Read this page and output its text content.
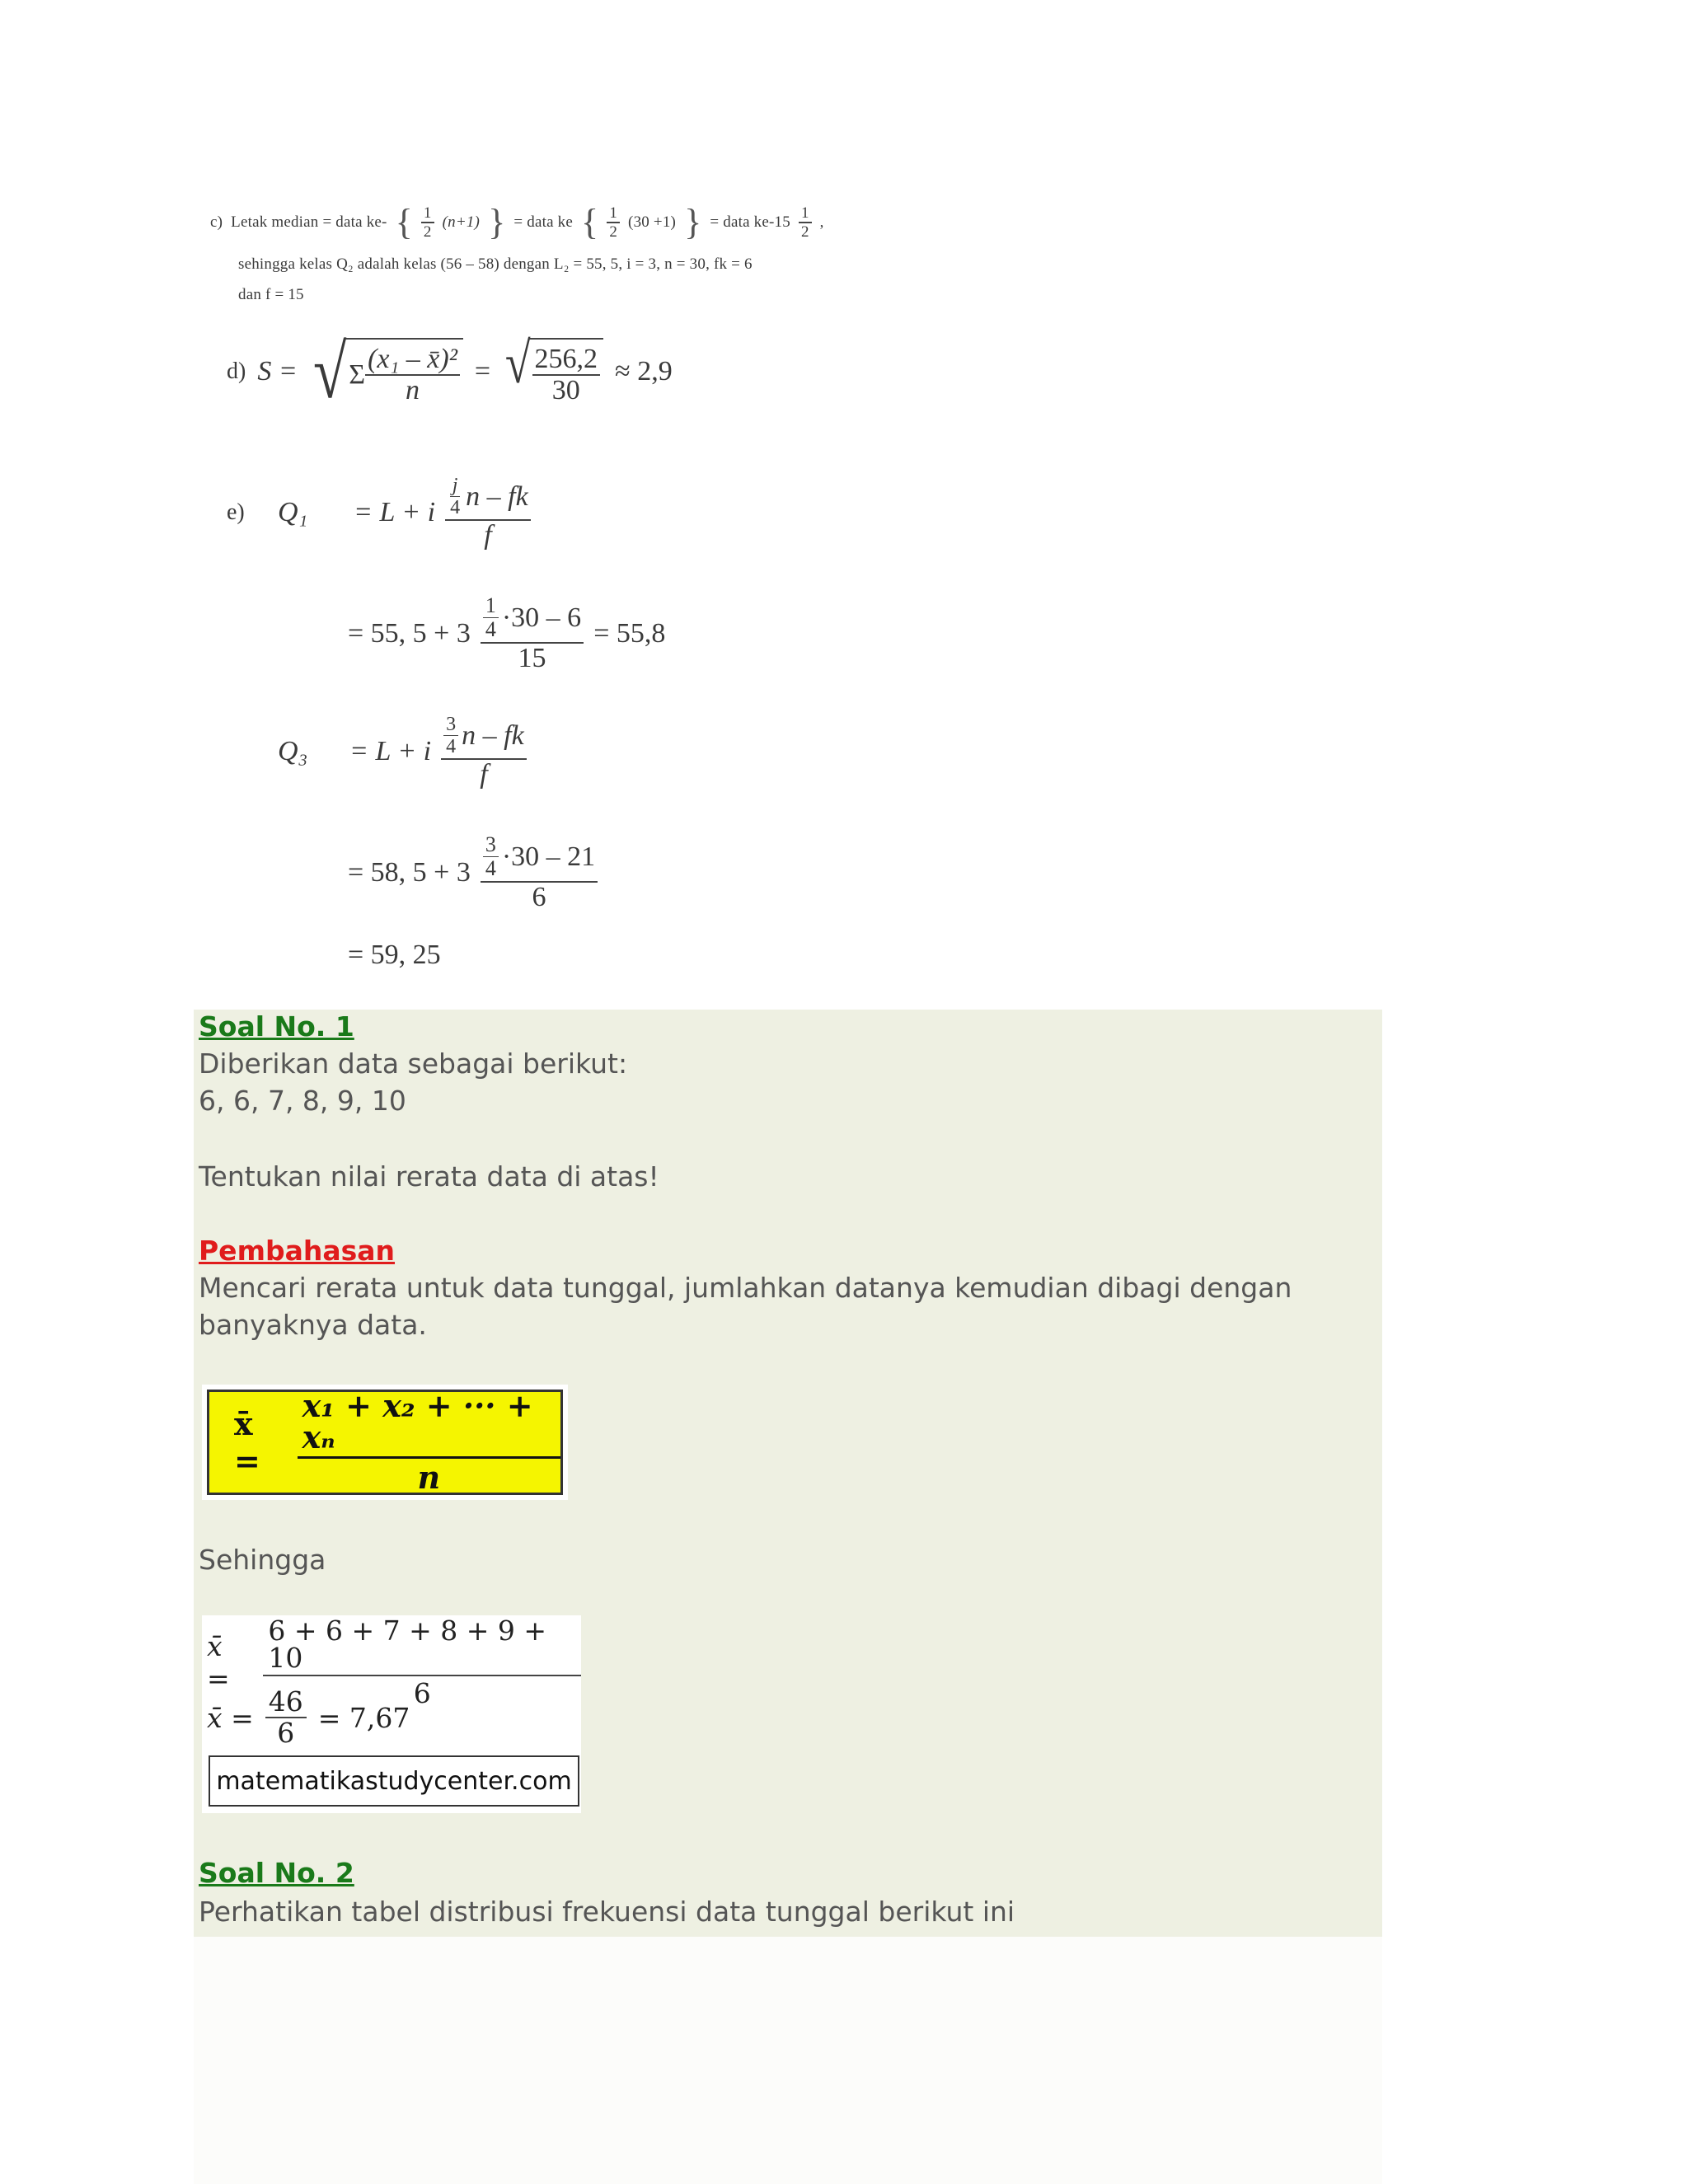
c) Letak median = data ke- { 1
2
(n+1) } = data ke { 1
2
(30 +1) } = data ke-15
1
2
,
sehingga kelas Q₂ adalah kelas (56 – 58) dengan L₂ = 55, 5, i = 3, n = 30, fk = 6
dan f = 15
d) S = √ Σ
(x₁ – x̄)²
n
= √ 256,2
30
≈ 2,9
e)	Q₁	= L + i
j
4 n – fk
f
= 55, 5 + 3 1
4 ·30 – 6
15 = 55,8
Q₃	= L + i
3
4 n – fk
f
= 58, 5 + 3
3
4 ·30 – 21
6
= 59, 25
Soal No. 1
Diberikan data sebagai berikut:
6, 6, 7, 8, 9, 10
Tentukan nilai rerata data di atas!
Pembahasan
Mencari rerata untuk data tunggal, jumlahkan datanya kemudian dibagi dengan
banyaknya data.
x̄ =	$\frac{\text{x₁ + x₂ + ··· + xₙ}}{n}$
Sehingga
x̄ =	$\frac{6 + 6 + 7 + 8 + 9 + 10}{6}$
x̄ = $\frac{46}{6} = 7,67$
matematikastudycenter.com
Soal No. 2
Perhatikan tabel distribusi frekuensi data tunggal berikut ini
